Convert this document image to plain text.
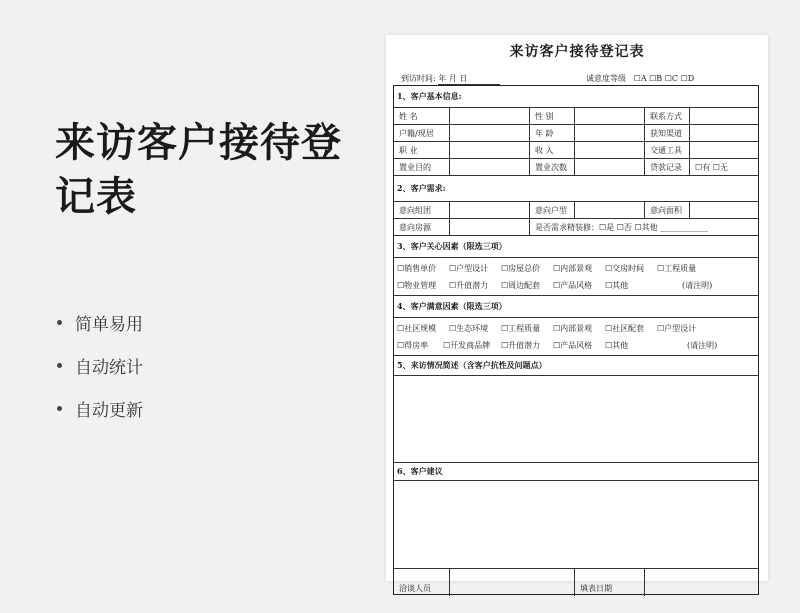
来访客户接待登记表
简单易用
自动统计
自动更新
来访客户接待登记表
到访时间: 年 月 日	诚意度等级 ☐A ☐B ☐C ☐D
1、客户基本信息:
姓 名	性 别	联系方式
户籍/现居	年 龄	获知渠道
职 业	收 入	交通工具
置业目的	置业次数	贷款记录	☐有 ☐无
2、客户需求:
意向组团	意向户型	意向面积
意向房源	是否需求精装修：☐是 ☐否 ☐其他 ____________
3、客户关心因素（限选三项）
☐销售单价 ☐户型设计 ☐房屋总价 ☐内部景观 ☐交房时间 ☐工程质量
☐物业管理 ☐升值潜力 ☐周边配套 ☐产品风格 ☐其他	(请注明)
4、客户满意因素（限选三项）
☐社区规模 ☐生态环境 ☐工程质量 ☐内部景观 ☐社区配套 ☐户型设计
☐得房率 ☐开发商品牌 ☐升值潜力 ☐产品风格 ☐其他	(请注明)
5、来访情况简述（含客户抗性及问题点）
6、客户建议
洽谈人员	填表日期
